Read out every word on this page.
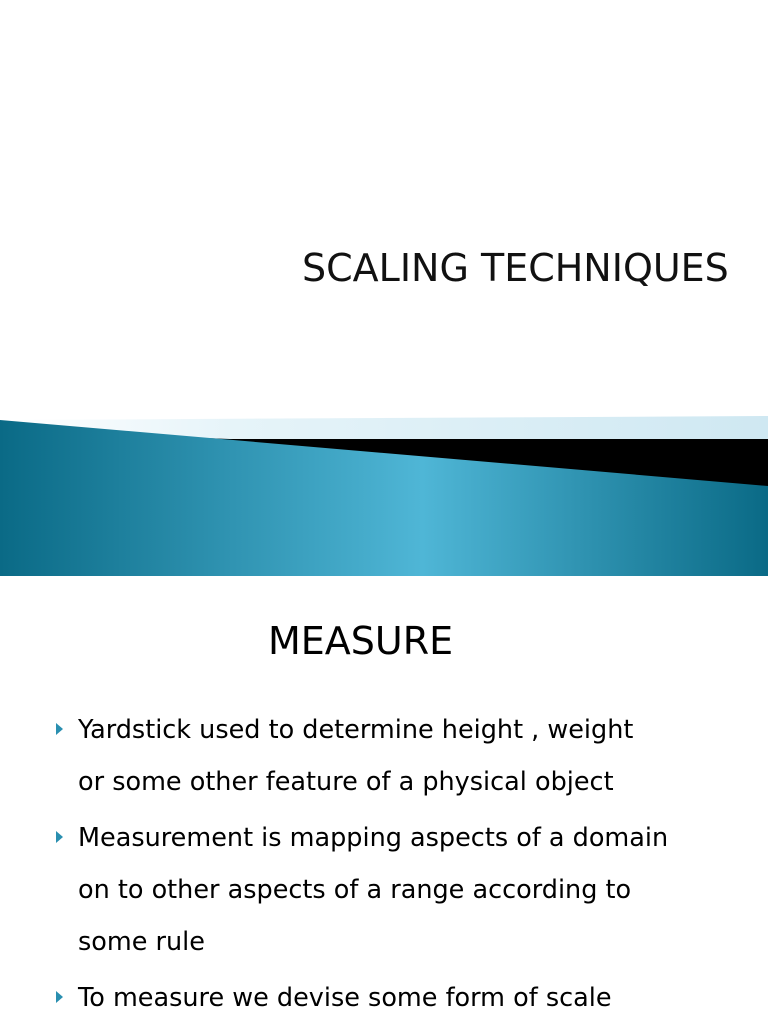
SCALING TECHNIQUES
MEASURE
Yardstick used to determine height , weight
or some other feature of a physical object
Measurement is mapping aspects of a domain
on to other aspects of a range according to
some rule
To measure we devise some form of scale
